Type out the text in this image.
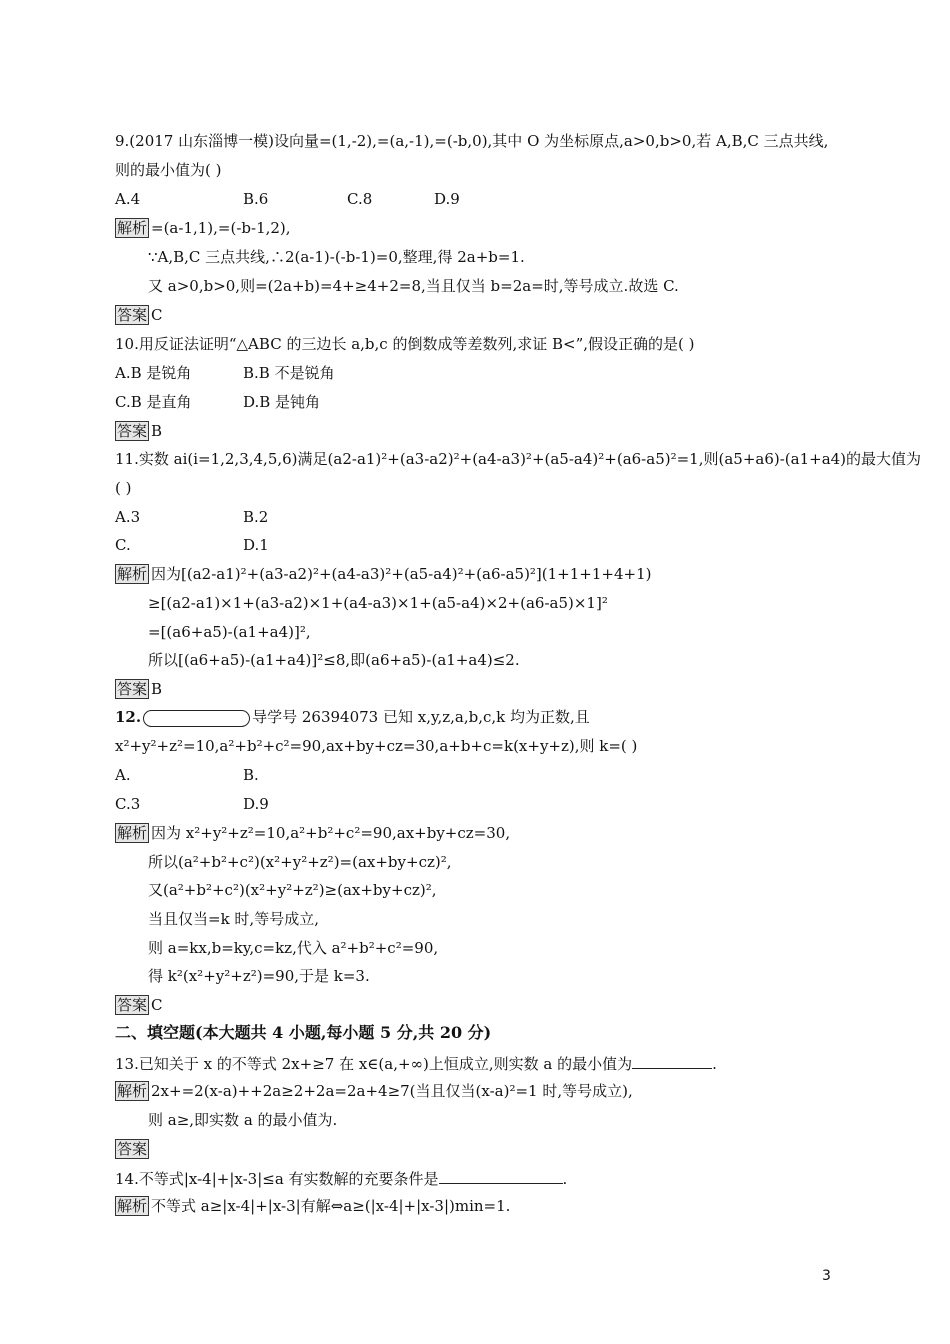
9.(2017 山东淄博一模)设向量=(1,-2),=(a,-1),=(-b,0),其中 O 为坐标原点,a>0,b>0,若 A,B,C 三点共线,
则的最小值为( )
A.4	B.6	C.8	D.9
解析 =(a-1,1),=(-b-1,2),
∵A,B,C 三点共线,∴2(a-1)-(-b-1)=0,整理,得 2a+b=1.
又 a>0,b>0,则=(2a+b)=4+≥4+2=8,当且仅当 b=2a=时,等号成立.故选 C.
答案 C
10.用反证法证明“△ABC 的三边长 a,b,c 的倒数成等差数列,求证 B<”,假设正确的是( )
A.B 是锐角	B.B 不是锐角
C.B 是直角	D.B 是钝角
答案 B
11.实数 ai(i=1,2,3,4,5,6)满足(a2-a1)²+(a3-a2)²+(a4-a3)²+(a5-a4)²+(a6-a5)²=1,则(a5+a6)-(a1+a4)的最大值为
( )
A.3	B.2
C.	D.1
解析 因为[(a2-a1)²+(a3-a2)²+(a4-a3)²+(a5-a4)²+(a6-a5)²](1+1+1+4+1)
≥[(a2-a1)×1+(a3-a2)×1+(a4-a3)×1+(a5-a4)×2+(a6-a5)×1]²
=[(a6+a5)-(a1+a4)]²,
所以[(a6+a5)-(a1+a4)]²≤8,即(a6+a5)-(a1+a4)≤2.
答案 B
12.	导学号 26394073 已知 x,y,z,a,b,c,k 均为正数,且
x²+y²+z²=10,a²+b²+c²=90,ax+by+cz=30,a+b+c=k(x+y+z),则 k=( )
A.	B.
C.3	D.9
解析 因为 x²+y²+z²=10,a²+b²+c²=90,ax+by+cz=30,
所以(a²+b²+c²)(x²+y²+z²)=(ax+by+cz)²,
又(a²+b²+c²)(x²+y²+z²)≥(ax+by+cz)²,
当且仅当=k 时,等号成立,
则 a=kx,b=ky,c=kz,代入 a²+b²+c²=90,
得 k²(x²+y²+z²)=90,于是 k=3.
答案 C
二、填空题(本大题共 4 小题,每小题 5 分,共 20 分)
13.已知关于 x 的不等式 2x+≥7 在 x∈(a,+∞)上恒成立,则实数 a 的最小值为	.
解析 2x+=2(x-a)++2a≥2+2a=2a+4≥7(当且仅当(x-a)²=1 时,等号成立),
则 a≥,即实数 a 的最小值为.
答案
14.不等式|x-4|+|x-3|≤a 有实数解的充要条件是	.
解析 不等式 a≥|x-4|+|x-3|有解⇔a≥(|x-4|+|x-3|)min=1.
3
